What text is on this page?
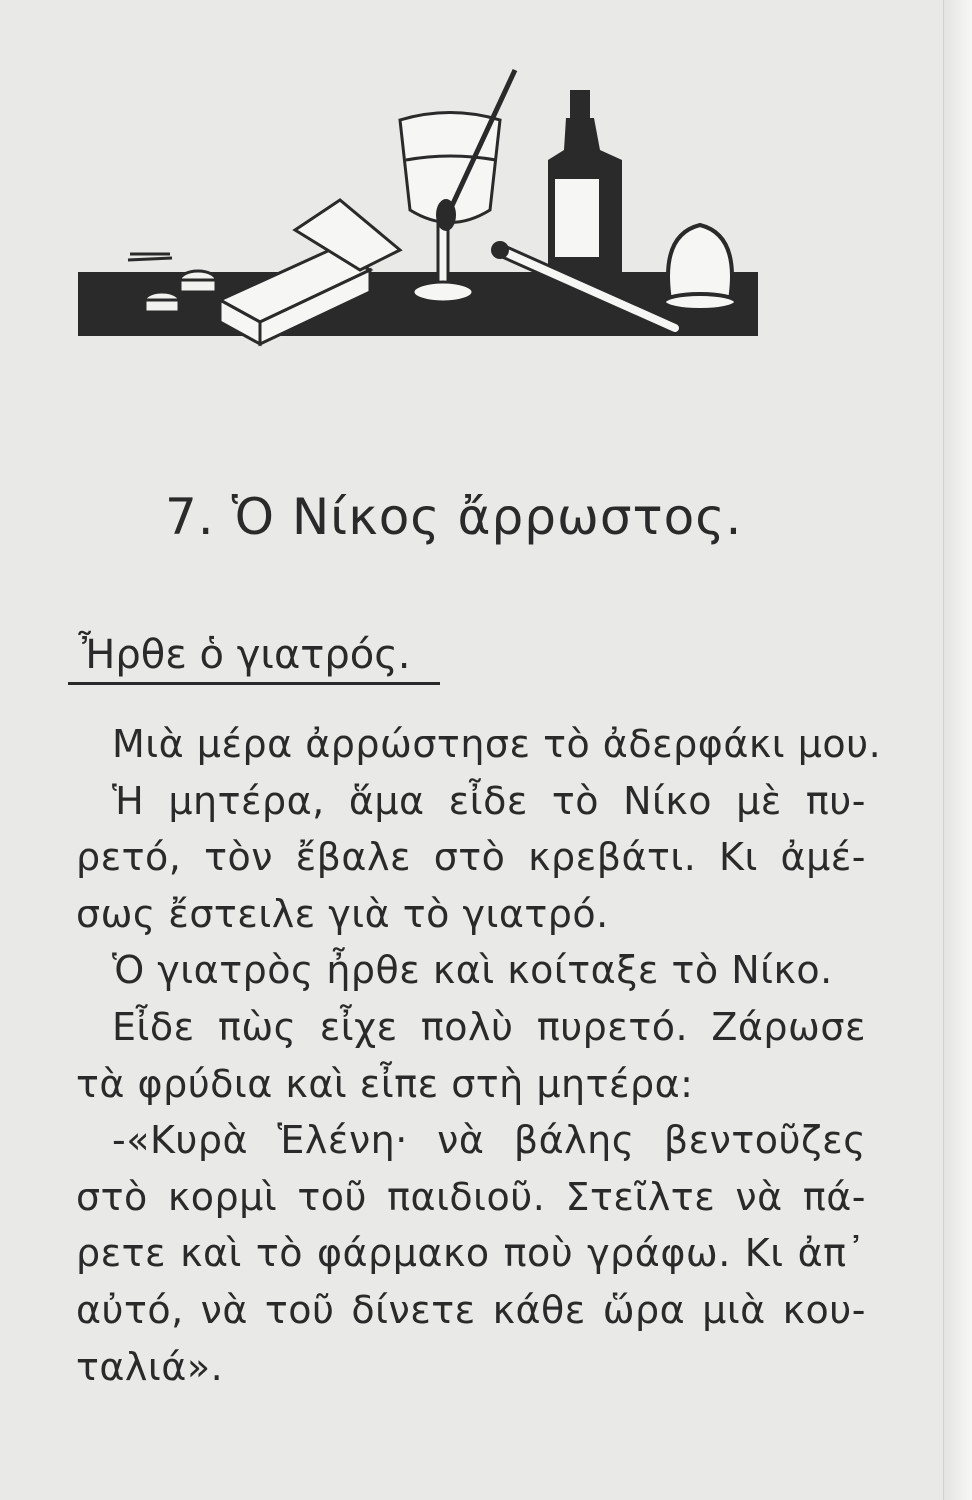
7. Ὁ Νίκος ἄρρωστος.
Ἦρθε ὁ γιατρός.
Μιὰ μέρα ἀρρώστησε τὸ ἀδερφάκι μου.
Ἡ μητέρα, ἅμα εἶδε τὸ Νίκο μὲ πυ-
ρετό, τὸν ἔβαλε στὸ κρεβάτι. Κι ἀμέ-
σως ἔστειλε γιὰ τὸ γιατρό.
Ὁ γιατρὸς ἦρθε καὶ κοίταξε τὸ Νίκο.
Εἶδε πὼς εἶχε πολὺ πυρετό. Ζάρωσε
τὰ φρύδια καὶ εἶπε στὴ μητέρα:
-«Κυρὰ Ἑλένη· νὰ βάλης βεντοῦζες
στὸ κορμὶ τοῦ παιδιοῦ. Στεῖλτε νὰ πά-
ρετε καὶ τὸ φάρμακο ποὺ γράφω. Κι ἀπ᾽
αὐτό, νὰ τοῦ δίνετε κάθε ὥρα μιὰ κου-
ταλιά».
